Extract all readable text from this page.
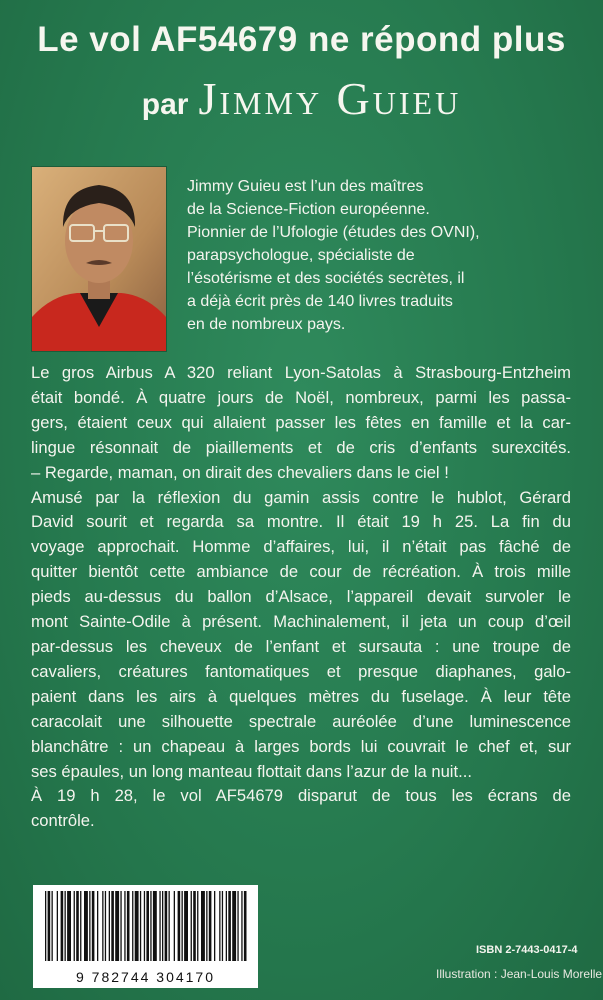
Le vol AF54679 ne répond plus
par Jimmy Guieu
Jimmy Guieu est l’un des maîtres
de la Science-Fiction européenne.
Pionnier de l’Ufologie (études des OVNI),
parapsychologue, spécialiste de
l’ésotérisme et des sociétés secrètes, il
a déjà écrit près de 140 livres traduits
en de nombreux pays.
Le gros Airbus A 320 reliant Lyon-Satolas à Strasbourg-Entzheim
était bondé. À quatre jours de Noël, nombreux, parmi les passa-
gers, étaient ceux qui allaient passer les fêtes en famille et la car-
lingue résonnait de piaillements et de cris d’enfants surexcités.
– Regarde, maman, on dirait des chevaliers dans le ciel !
Amusé par la réflexion du gamin assis contre le hublot, Gérard
David sourit et regarda sa montre. Il était 19 h 25. La fin du
voyage approchait. Homme d’affaires, lui, il n’était pas fâché de
quitter bientôt cette ambiance de cour de récréation. À trois mille
pieds au-dessus du ballon d’Alsace, l’appareil devait survoler le
mont Sainte-Odile à présent. Machinalement, il jeta un coup d’œil
par-dessus les cheveux de l’enfant et sursauta : une troupe de
cavaliers, créatures fantomatiques et presque diaphanes, galo-
paient dans les airs à quelques mètres du fuselage. À leur tête
caracolait une silhouette spectrale auréolée d’une luminescence
blanchâtre : un chapeau à larges bords lui couvrait le chef et, sur
ses épaules, un long manteau flottait dans l’azur de la nuit...
À 19 h 28, le vol AF54679 disparut de tous les écrans de
contrôle.
9 782744 304170
ISBN 2-7443-0417-4
Illustration : Jean-Louis Morelle
